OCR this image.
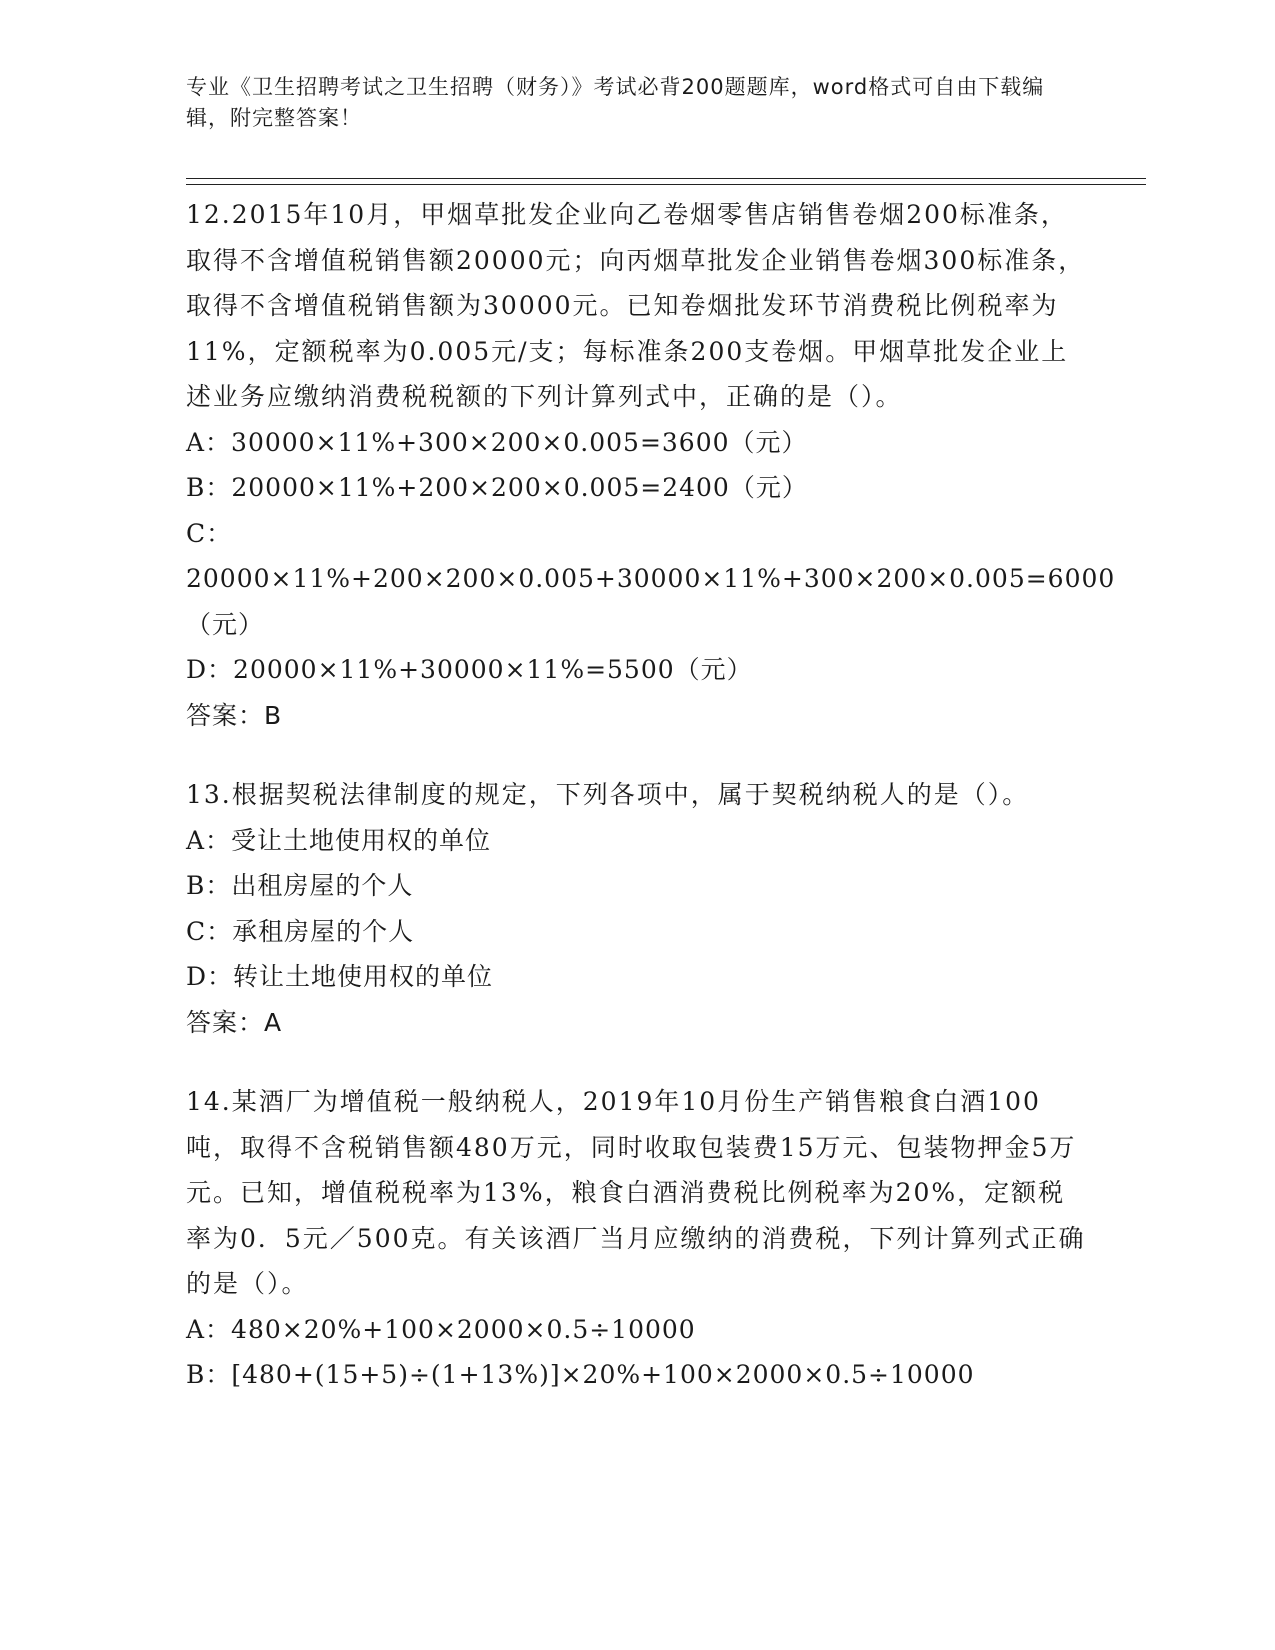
专业《卫生招聘考试之卫生招聘（财务）》考试必背200题题库，word格式可自由下载编辑，附完整答案！
12.2015年10月，甲烟草批发企业向乙卷烟零售店销售卷烟200标准条，取得不含增值税销售额20000元；向丙烟草批发企业销售卷烟300标准条，取得不含增值税销售额为30000元。已知卷烟批发环节消费税比例税率为11%，定额税率为0.005元/支；每标准条200支卷烟。甲烟草批发企业上述业务应缴纳消费税税额的下列计算列式中，正确的是（）。
A：30000×11%+300×200×0.005=3600（元）
B：20000×11%+200×200×0.005=2400（元）
C：20000×11%+200×200×0.005+30000×11%+300×200×0.005=6000（元）
D：20000×11%+30000×11%=5500（元）
答案：B
13.根据契税法律制度的规定，下列各项中，属于契税纳税人的是（）。
A：受让土地使用权的单位
B：出租房屋的个人
C：承租房屋的个人
D：转让土地使用权的单位
答案：A
14.某酒厂为增值税一般纳税人，2019年10月份生产销售粮食白酒100吨，取得不含税销售额480万元，同时收取包装费15万元、包装物押金5万元。已知，增值税税率为13%，粮食白酒消费税比例税率为20%，定额税率为0．5元／500克。有关该酒厂当月应缴纳的消费税，下列计算列式正确的是（）。
A：480×20%+100×2000×0.5÷10000
B：[480+(15+5)÷(1+13%)]×20%+100×2000×0.5÷10000
